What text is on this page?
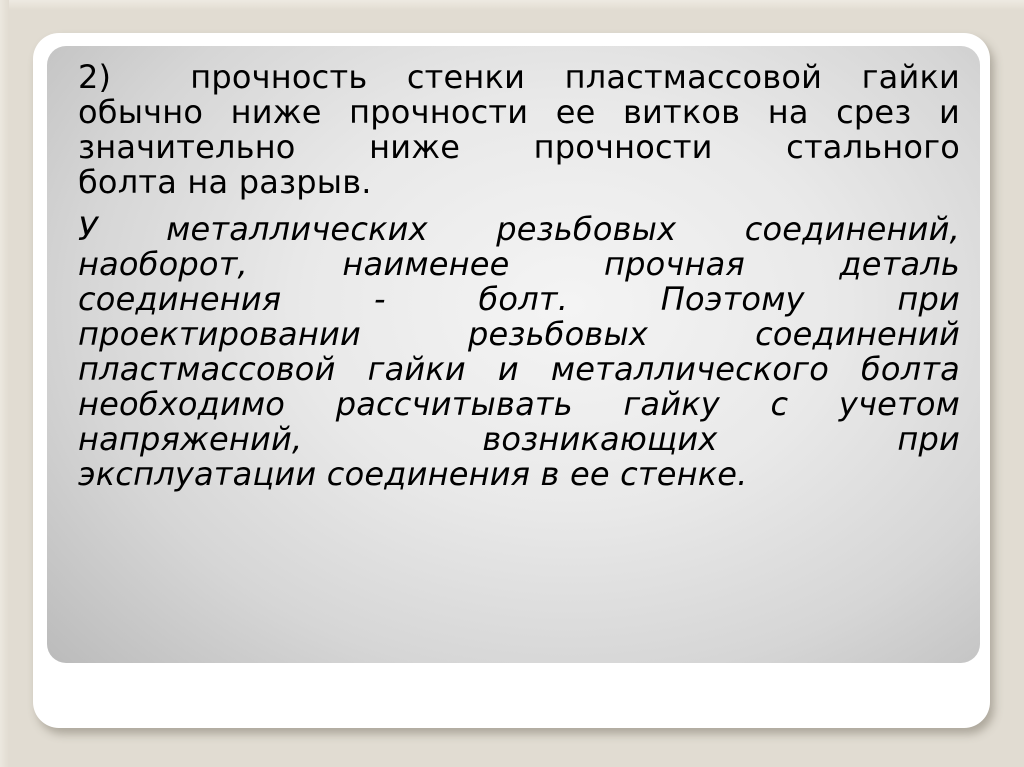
2)  прочность стенки пластмассовой гайки
обычно ниже прочности ее витков на срез и
значительно ниже прочности стального
болта на разрыв.
У металлических резьбовых соединений,
наоборот, наименее прочная деталь
соединения - болт. Поэтому при
проектировании резьбовых соединений
пластмассовой гайки и металлического болта
необходимо рассчитывать гайку с учетом
напряжений, возникающих при
эксплуатации соединения в ее стенке.
